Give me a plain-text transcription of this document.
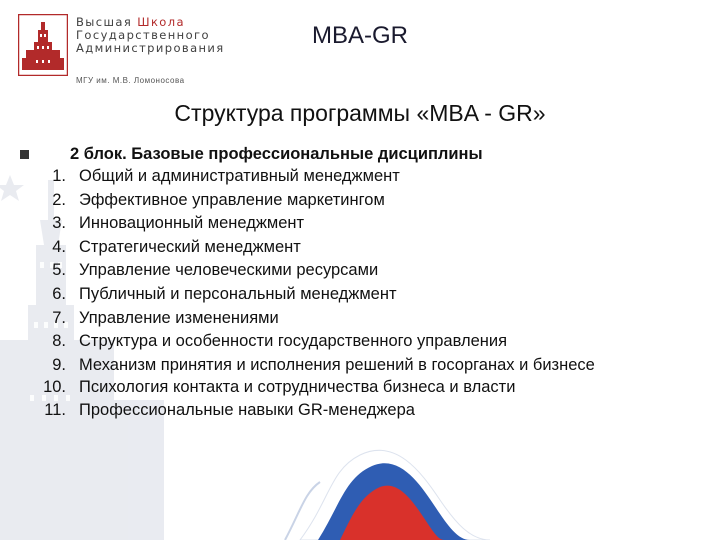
Высшая Школа
Государственного
Администрирования
МГУ им. М.В. Ломоносова
MBA-GR
Структура программы «MBA - GR»
2 блок. Базовые профессиональные дисциплины
1. Общий и административный менеджмент
2. Эффективное управление маркетингом
3. Инновационный менеджмент
4. Стратегический менеджмент
5. Управление человеческими ресурсами
6. Публичный и персональный менеджмент
7. Управление изменениями
8. Структура и особенности государственного управления
9. Механизм принятия и исполнения решений в госорганах и бизнесе
10. Психология контакта и сотрудничества бизнеса и власти
11. Профессиональные навыки GR-менеджера
